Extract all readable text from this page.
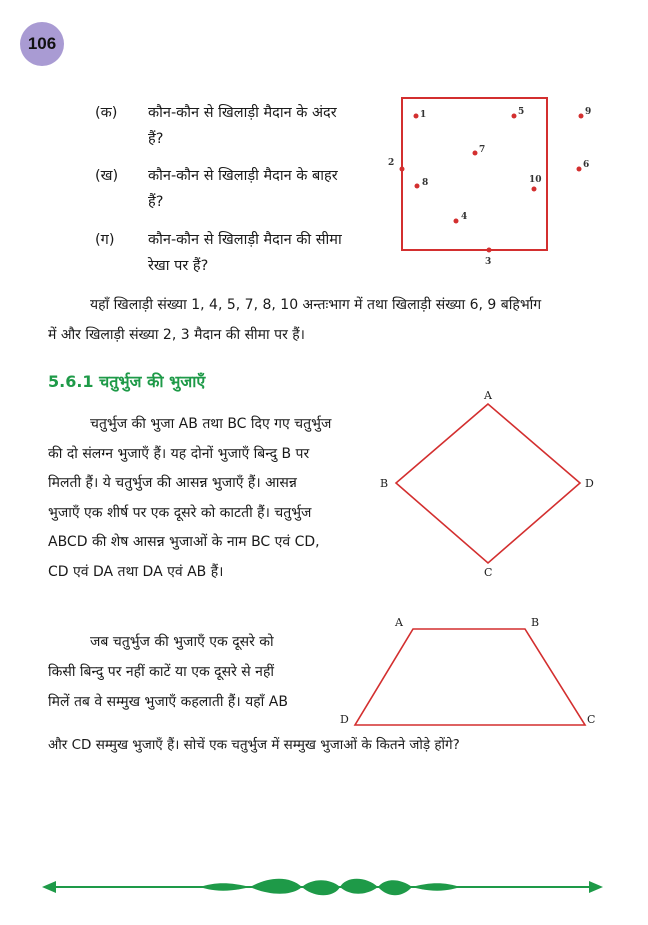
106
(क) कौन-कौन से खिलाड़ी मैदान के अंदर
हैं?
(ख) कौन-कौन से खिलाड़ी मैदान के बाहर
हैं?
(ग) कौन-कौन से खिलाड़ी मैदान की सीमा
रेखा पर हैं?
1	5	9
7
2	6
10
8
4
3
यहाँ खिलाड़ी संख्या 1, 4, 5, 7, 8, 10 अन्तःभाग में तथा खिलाड़ी संख्या 6, 9 बहिर्भाग
में और खिलाड़ी संख्या 2, 3 मैदान की सीमा पर हैं।
5.6.1 चतुर्भुज की भुजाएँ
चतुर्भुज की भुजा AB तथा BC दिए गए चतुर्भुज
की दो संलग्न भुजाएँ हैं। यह दोनों भुजाएँ बिन्दु B पर
मिलती हैं। ये चतुर्भुज की आसन्न भुजाएँ हैं। आसन्न
भुजाएँ एक शीर्ष पर एक दूसरे को काटती हैं। चतुर्भुज
ABCD की शेष आसन्न भुजाओं के नाम BC एवं CD,
CD एवं DA तथा DA एवं AB हैं।
A
B
C
D
जब चतुर्भुज की भुजाएँ एक दूसरे को
किसी बिन्दु पर नहीं काटें या एक दूसरे से नहीं
मिलें तब वे सम्मुख भुजाएँ कहलाती हैं। यहाँ AB
और CD सम्मुख भुजाएँ हैं। सोचें एक चतुर्भुज में सम्मुख भुजाओं के कितने जोड़े होंगे?
A	B
C
D
